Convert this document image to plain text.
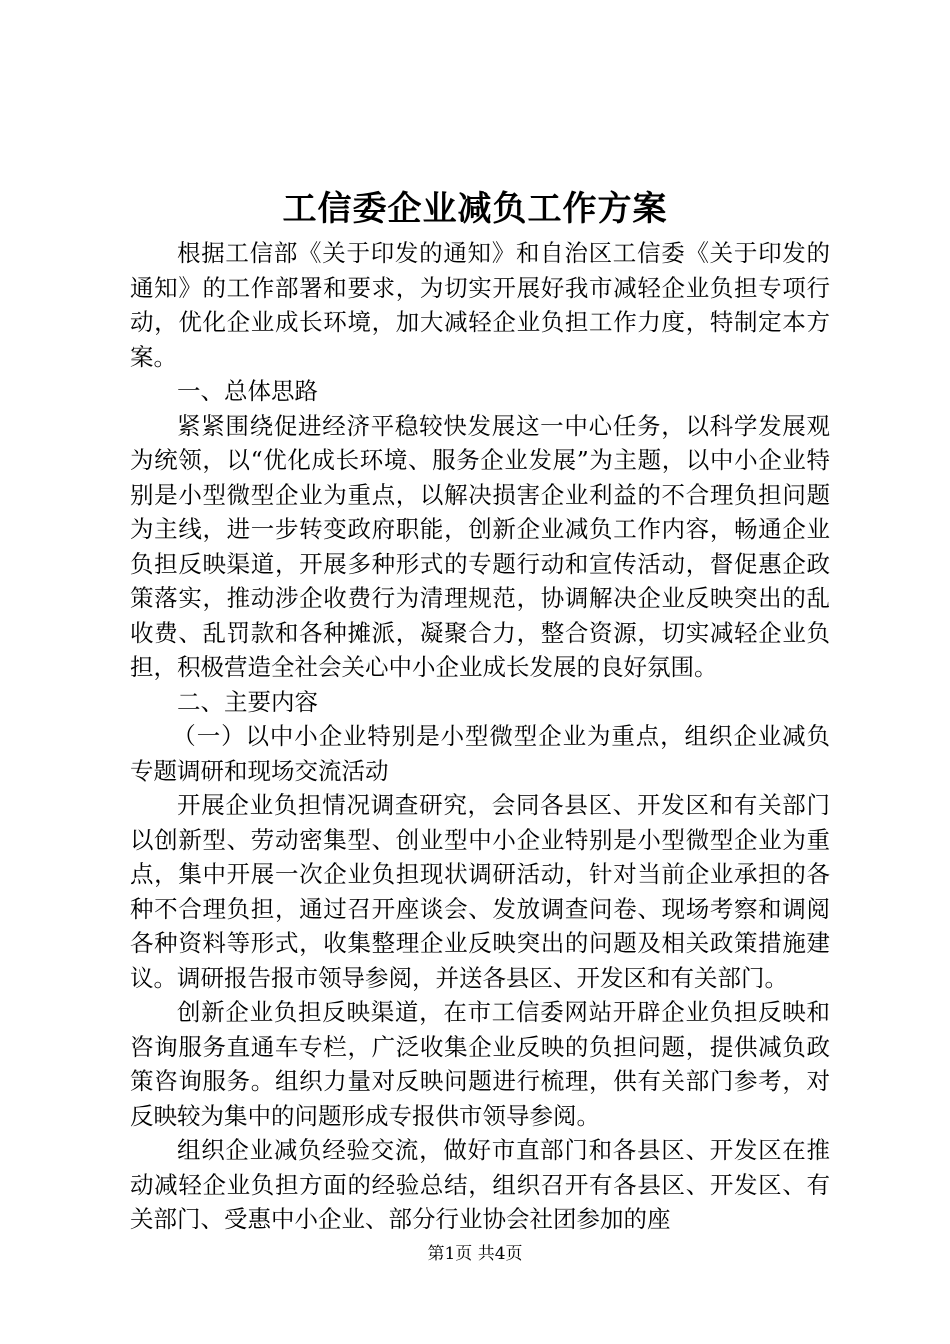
工信委企业减负工作方案

根据工信部《关于印发的通知》和自治区工信委《关于印发的通知》的工作部署和要求，为切实开展好我市减轻企业负担专项行动，优化企业成长环境，加大减轻企业负担工作力度，特制定本方案。

一、总体思路

紧紧围绕促进经济平稳较快发展这一中心任务，以科学发展观为统领，以“优化成长环境、服务企业发展”为主题，以中小企业特别是小型微型企业为重点，以解决损害企业利益的不合理负担问题为主线，进一步转变政府职能，创新企业减负工作内容，畅通企业负担反映渠道，开展多种形式的专题行动和宣传活动，督促惠企政策落实，推动涉企收费行为清理规范，协调解决企业反映突出的乱收费、乱罚款和各种摊派，凝聚合力，整合资源，切实减轻企业负担，积极营造全社会关心中小企业成长发展的良好氛围。

二、主要内容

（一）以中小企业特别是小型微型企业为重点，组织企业减负专题调研和现场交流活动

开展企业负担情况调查研究，会同各县区、开发区和有关部门以创新型、劳动密集型、创业型中小企业特别是小型微型企业为重点，集中开展一次企业负担现状调研活动，针对当前企业承担的各种不合理负担，通过召开座谈会、发放调查问卷、现场考察和调阅各种资料等形式，收集整理企业反映突出的问题及相关政策措施建议。调研报告报市领导参阅，并送各县区、开发区和有关部门。

创新企业负担反映渠道，在市工信委网站开辟企业负担反映和咨询服务直通车专栏，广泛收集企业反映的负担问题，提供减负政策咨询服务。组织力量对反映问题进行梳理，供有关部门参考，对反映较为集中的问题形成专报供市领导参阅。

组织企业减负经验交流，做好市直部门和各县区、开发区在推动减轻企业负担方面的经验总结，组织召开有各县区、开发区、有关部门、受惠中小企业、部分行业协会社团参加的座

第1页 共4页
